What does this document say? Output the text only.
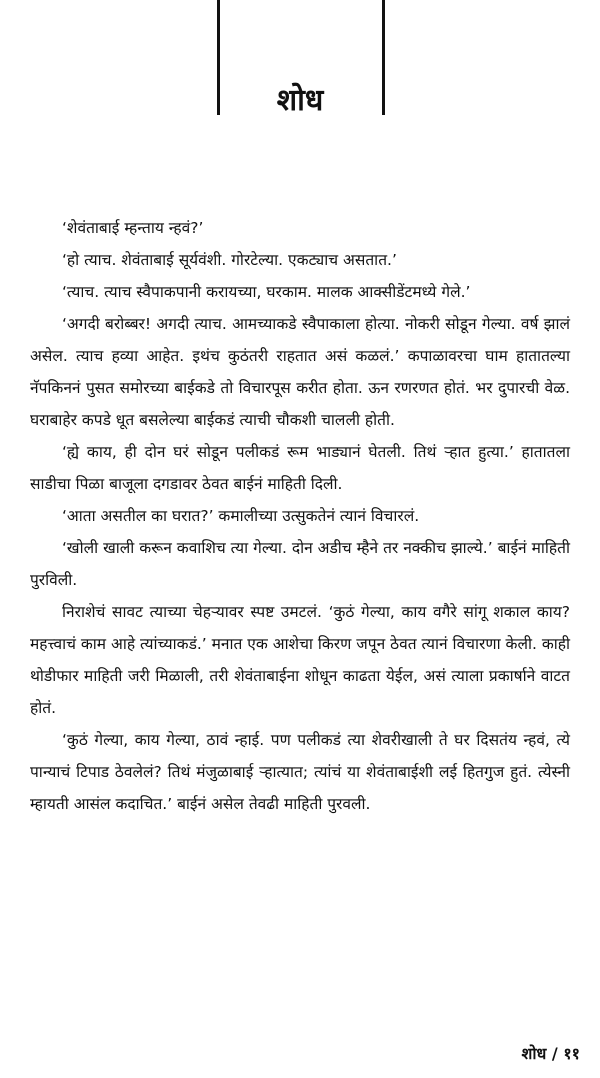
शोध

‘शेवंताबाई म्हन्ताय न्हवं?’

‘हो त्याच. शेवंताबाई सूर्यवंशी. गोरटेल्या. एकट्याच असतात.’

‘त्याच. त्याच स्वैपाकपानी करायच्या, घरकाम. मालक आक्सीडेंटमध्ये गेले.’

‘अगदी बरोब्बर! अगदी त्याच. आमच्याकडे स्वैपाकाला होत्या. नोकरी सोडून गेल्या. वर्ष झालं असेल. त्याच हव्या आहेत. इथंच कुठंतरी राहतात असं कळलं.’ कपाळावरचा घाम हातातल्या नॅपकिननं पुसत समोरच्या बाईकडे तो विचारपूस करीत होता. ऊन रणरणत होतं. भर दुपारची वेळ. घराबाहेर कपडे धूत बसलेल्या बाईकडं त्याची चौकशी चालली होती.

‘ह्ये काय, ही दोन घरं सोडून पलीकडं रूम भाड्यानं घेतली. तिथं ऱ्हात हुत्या.’ हातातला साडीचा पिळा बाजूला दगडावर ठेवत बाईनं माहिती दिली.

‘आता असतील का घरात?’ कमालीच्या उत्सुकतेनं त्यानं विचारलं.

‘खोली खाली करून कवाशिच त्या गेल्या. दोन अडीच म्हैने तर नक्कीच झाल्ये.’ बाईनं माहिती पुरविली.

निराशेचं सावट त्याच्या चेहऱ्यावर स्पष्ट उमटलं. ‘कुठं गेल्या, काय वगैरे सांगू शकाल काय? महत्त्वाचं काम आहे त्यांच्याकडं.’ मनात एक आशेचा किरण जपून ठेवत त्यानं विचारणा केली. काही थोडीफार माहिती जरी मिळाली, तरी शेवंताबाईना शोधून काढता येईल, असं त्याला प्रकार्षाने वाटत होतं.

‘कुठं गेल्या, काय गेल्या, ठावं न्हाई. पण पलीकडं त्या शेवरीखाली ते घर दिसतंय न्हवं, त्ये पान्याचं टिपाड ठेवलेलं? तिथं मंजुळाबाई ऱ्हात्यात; त्यांचं या शेवंताबाईशी लई हितगुज हुतं. त्येस्नी म्हायती आसंल कदाचित.’ बाईनं असेल तेवढी माहिती पुरवली.

शोध / ११
